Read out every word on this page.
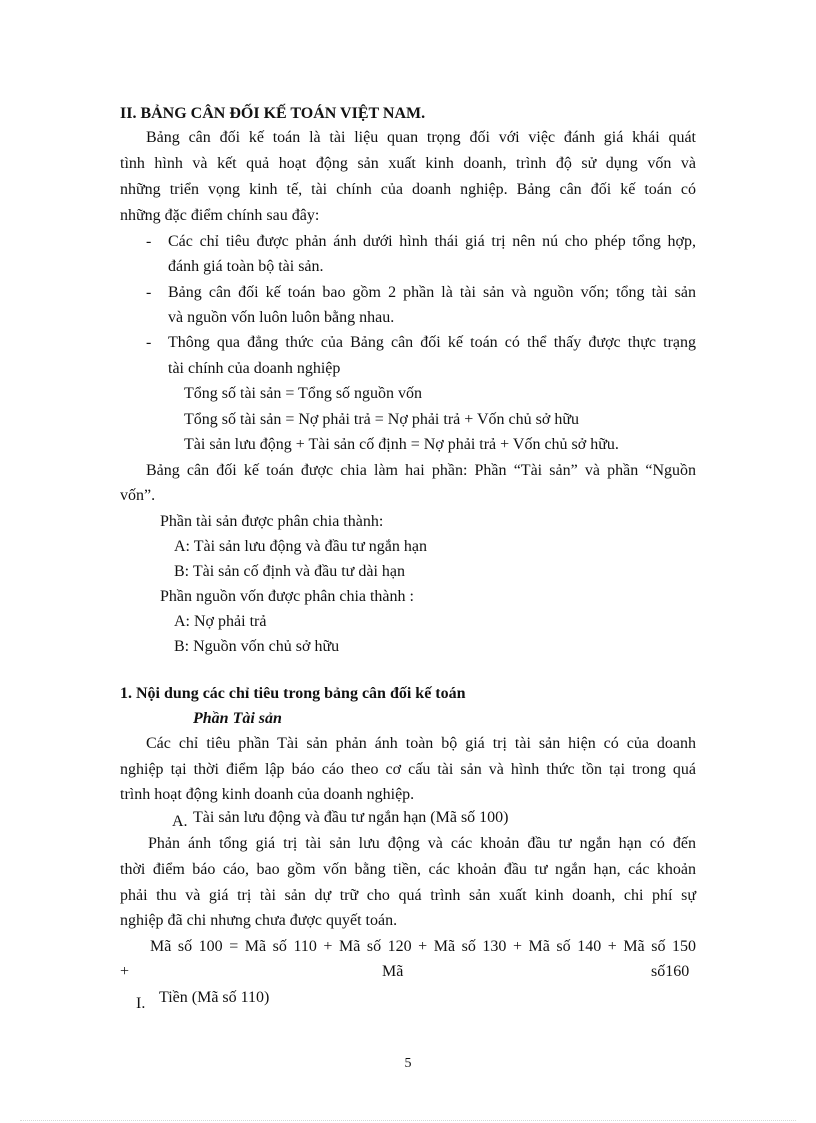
II. BẢNG CÂN ĐỐI KẾ TOÁN VIỆT NAM.
Bảng cân đối kế toán là tài liệu quan trọng đối với việc đánh giá khái quát
tình hình và kết quả hoạt động sản xuất kinh doanh, trình độ sử dụng vốn và
những triển vọng kinh tế, tài chính của doanh nghiệp. Bảng cân đối kế toán có
những đặc điểm chính sau đây:
- Các chỉ tiêu được phản ánh dưới hình thái giá trị nên nú cho phép tổng hợp,
đánh giá toàn bộ tài sản.
- Bảng cân đối kế toán bao gồm 2 phần là tài sản và nguồn vốn; tổng tài sản
và nguồn vốn luôn luôn bằng nhau.
- Thông qua đẳng thức của Bảng cân đối kế toán có thể thấy được thực trạng
tài chính của doanh nghiệp
Tổng số tài sản = Tổng số nguồn vốn
Tổng số tài sản = Nợ phải trả = Nợ phải trả + Vốn chủ sở hữu
Tài sản lưu động + Tài sản cố định = Nợ phải trả + Vốn chủ sở hữu.
Bảng cân đối kế toán được chia làm hai phần: Phần “Tài sản” và phần “Nguồn
vốn”.
Phần tài sản được phân chia thành:
A: Tài sản lưu động và đầu tư ngắn hạn
B: Tài sản cố định và đầu tư dài hạn
Phần nguồn vốn được phân chia thành :
A: Nợ phải trả
B: Nguồn vốn chủ sở hữu
1. Nội dung các chỉ tiêu trong bảng cân đối kế toán
Phần Tài sản
Các chỉ tiêu phần Tài sản phản ánh toàn bộ giá trị tài sản hiện có của doanh
nghiệp tại thời điểm lập báo cáo theo cơ cấu tài sản và hình thức tồn tại trong quá
trình hoạt động kinh doanh của doanh nghiệp.
A. Tài sản lưu động và đầu tư ngắn hạn (Mã số 100)
Phản ánh tổng giá trị tài sản lưu động và các khoản đầu tư ngắn hạn có đến
thời điểm báo cáo, bao gồm vốn bằng tiền, các khoản đầu tư ngắn hạn, các khoản
phải thu và giá trị tài sản dự trữ cho quá trình sản xuất kinh doanh, chi phí sự
nghiệp đã chi nhưng chưa được quyết toán.
Mã số 100 = Mã số 110 + Mã số 120 + Mã số 130 + Mã số 140 + Mã số 150
+	Mã	số160
I. Tiền (Mã số 110)
5
